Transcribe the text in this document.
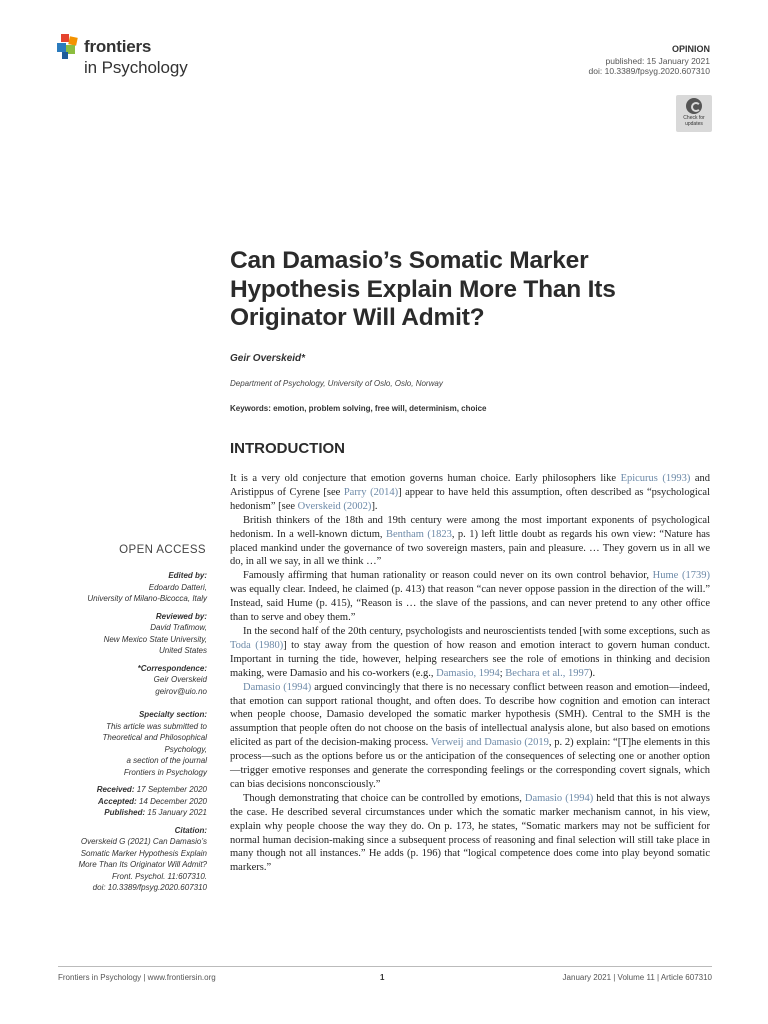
frontiers
in Psychology
OPINION
published: 15 January 2021
doi: 10.3389/fpsyg.2020.607310
Check for updates
Can Damasio’s Somatic Marker Hypothesis Explain More Than Its Originator Will Admit?
Geir Overskeid*
Department of Psychology, University of Oslo, Oslo, Norway
Keywords: emotion, problem solving, free will, determinism, choice
INTRODUCTION

It is a very old conjecture that emotion governs human choice. Early philosophers like Epicurus (1993) and Aristippus of Cyrene [see Parry (2014)] appear to have held this assumption, often described as “psychological hedonism” [see Overskeid (2002)].

British thinkers of the 18th and 19th century were among the most important exponents of psychological hedonism. In a well-known dictum, Bentham (1823, p. 1) left little doubt as regards his own view: “Nature has placed mankind under the governance of two sovereign masters, pain and pleasure. … They govern us in all we do, in all we say, in all we think …”

Famously affirming that human rationality or reason could never on its own control behavior, Hume (1739) was equally clear. Indeed, he claimed (p. 413) that reason “can never oppose passion in the direction of the will.” Instead, said Hume (p. 415), “Reason is … the slave of the passions, and can never pretend to any other office than to serve and obey them.”

In the second half of the 20th century, psychologists and neuroscientists tended [with some exceptions, such as Toda (1980)] to stay away from the question of how reason and emotion interact to govern human conduct. Important in turning the tide, however, helping researchers see the role of emotions in thinking and decision making, were Damasio and his co-workers (e.g., Damasio, 1994; Bechara et al., 1997).

Damasio (1994) argued convincingly that there is no necessary conflict between reason and emotion—indeed, that emotion can support rational thought, and often does. To describe how cognition and emotion can interact when people choose, Damasio developed the somatic marker hypothesis (SMH). Central to the SMH is the assumption that people often do not choose on the basis of intellectual analysis alone, but also based on emotions elicited as part of the decision-making process. Verweij and Damasio (2019, p. 2) explain: “[T]he elements in this process—such as the options before us or the anticipation of the consequences of selecting one or another option—trigger emotive responses and generate the corresponding feelings or the corresponding covert signals, which can bias decisions nonconsciously.”

Though demonstrating that choice can be controlled by emotions, Damasio (1994) held that this is not always the case. He described several circumstances under which the somatic marker mechanism cannot, in his view, explain why people choose the way they do. On p. 173, he states, “Somatic markers may not be sufficient for normal human decision-making since a subsequent process of reasoning and final selection will still take place in many though not all instances.” He adds (p. 196) that “logical competence does come into play beyond somatic markers.”

OPEN ACCESS
Edited by:
Edoardo Datteri,
University of Milano-Bicocca, Italy
Reviewed by:
David Trafimow,
New Mexico State University,
United States
*Correspondence:
Geir Overskeid
geirov@uio.no
Specialty section:
This article was submitted to
Theoretical and Philosophical
Psychology,
a section of the journal
Frontiers in Psychology
Received: 17 September 2020
Accepted: 14 December 2020
Published: 15 January 2021
Citation:
Overskeid G (2021) Can Damasio’s
Somatic Marker Hypothesis Explain
More Than Its Originator Will Admit?
Front. Psychol. 11:607310.
doi: 10.3389/fpsyg.2020.607310
Frontiers in Psychology | www.frontiersin.org	1	January 2021 | Volume 11 | Article 607310
